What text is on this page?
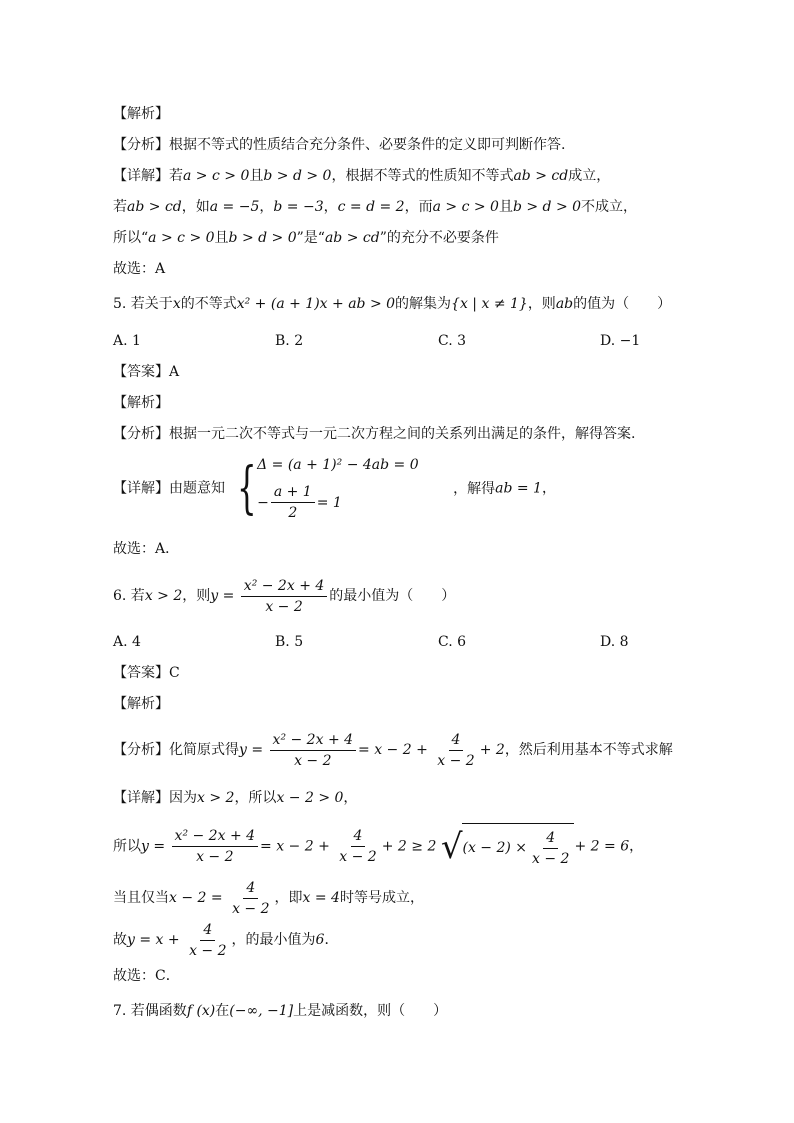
【解析】
【分析】根据不等式的性质结合充分条件、必要条件的定义即可判断作答.
【详解】若a > c > 0且b > d > 0，根据不等式的性质知不等式ab > cd成立，
若ab > cd，如a = −5，b = −3，c = d = 2，而a > c > 0且b > d > 0不成立，
所以“a > c > 0且b > d > 0”是“ab > cd”的充分不必要条件
故选：A
5. 若关于x的不等式x² + (a + 1)x + ab > 0的解集为{x | x ≠ 1}，则ab的值为（　　）
A. 1	B. 2	C. 3	D. −1
【答案】A
【解析】
【分析】根据一元二次不等式与一元二次方程之间的关系列出满足的条件，解得答案.
【详解】由题意知 { Δ = (a + 1)² − 4ab = 0
− $\frac{a + 1}{2} = 1$
，解得ab = 1，
故选：A．
6. 若x > 2，则$y = \frac{\text{x² − 2x + 4}}{x - 2}$ 的最小值为（　　）
A. 4	B. 5	C. 6	D. 8
【答案】C
【解析】
【分析】化简原式得$y = \frac{\text{x² − 2x + 4}}{x - 2} = x - 2 + \frac{4}{x - 2} + 2$，然后利用基本不等式求解
【详解】因为x > 2，所以x − 2 > 0，
所以$y = \frac{\text{x² − 2x + 4}}{x - 2} = x - 2 + \frac{4}{x - 2} + 2 \ge 2$ √ $(x - 2) \times \frac{4}{x - 2} + 2 = 6$，
当且仅当$x - 2 = \frac{4}{x - 2}$ ，即x = 4时等号成立，
故$y = x + \frac{4}{x - 2}$ ，的最小值为6．
故选：C．
7. 若偶函数f (x)在(−∞, −1]上是减函数，则（　　）
